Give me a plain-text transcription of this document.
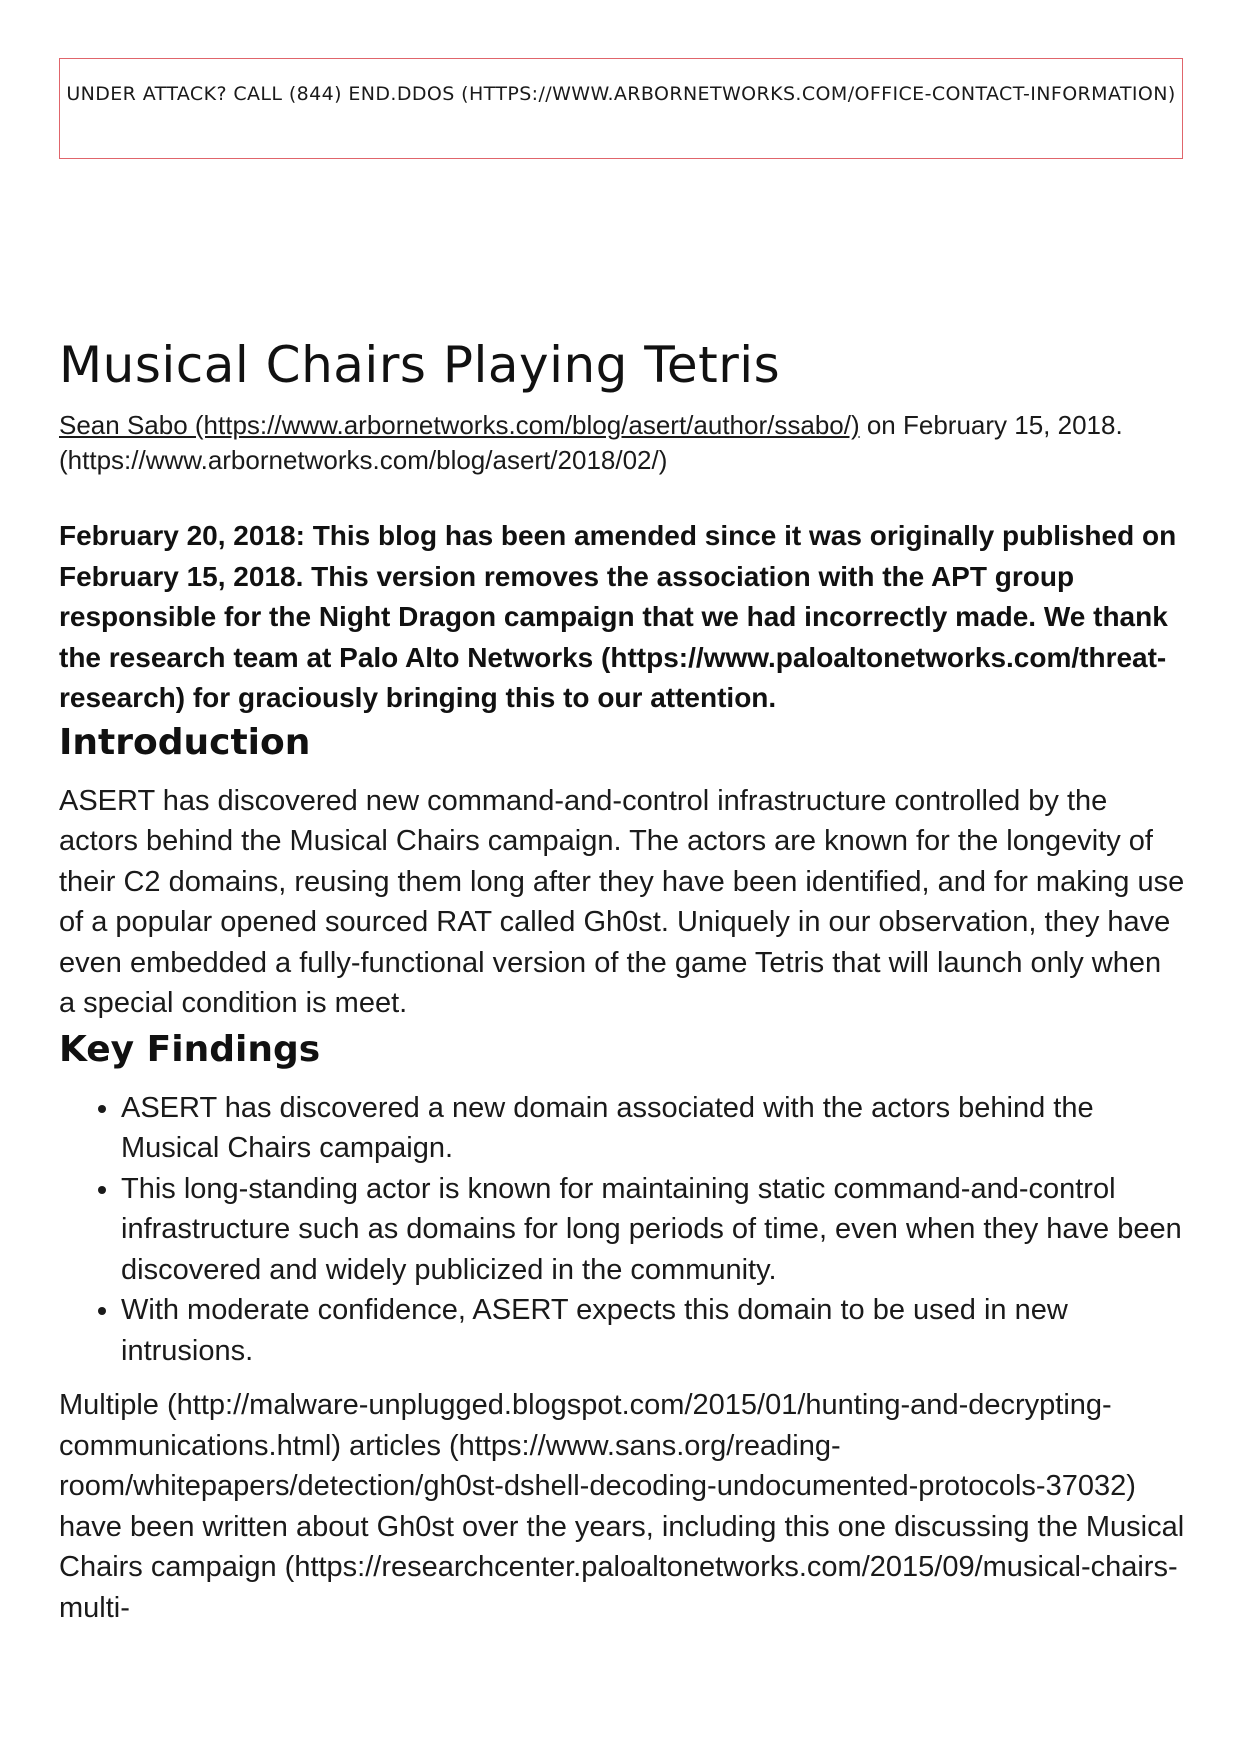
UNDER ATTACK? CALL (844) END.DDOS (HTTPS://WWW.ARBORNETWORKS.COM/OFFICE-CONTACT-INFORMATION)
Musical Chairs Playing Tetris
Sean Sabo (https://www.arbornetworks.com/blog/asert/author/ssabo/) on February 15, 2018. (https://www.arbornetworks.com/blog/asert/2018/02/)
February 20, 2018: This blog has been amended since it was originally published on February 15, 2018. This version removes the association with the APT group responsible for the Night Dragon campaign that we had incorrectly made. We thank the research team at Palo Alto Networks (https://www.paloaltonetworks.com/threat-research) for graciously bringing this to our attention.
Introduction

ASERT has discovered new command-and-control infrastructure controlled by the actors behind the Musical Chairs campaign. The actors are known for the longevity of their C2 domains, reusing them long after they have been identified, and for making use of a popular opened sourced RAT called Gh0st. Uniquely in our observation, they have even embedded a fully-functional version of the game Tetris that will launch only when a special condition is meet.

Key Findings
• ASERT has discovered a new domain associated with the actors behind the Musical Chairs campaign.
• This long-standing actor is known for maintaining static command-and-control infrastructure such as domains for long periods of time, even when they have been discovered and widely publicized in the community.
• With moderate confidence, ASERT expects this domain to be used in new intrusions.

Multiple (http://malware-unplugged.blogspot.com/2015/01/hunting-and-decrypting-communications.html) articles (https://www.sans.org/reading-room/whitepapers/detection/gh0st-dshell-decoding-undocumented-protocols-37032) have been written about Gh0st over the years, including this one discussing the Musical Chairs campaign (https://researchcenter.paloaltonetworks.com/2015/09/musical-chairs-multi-
